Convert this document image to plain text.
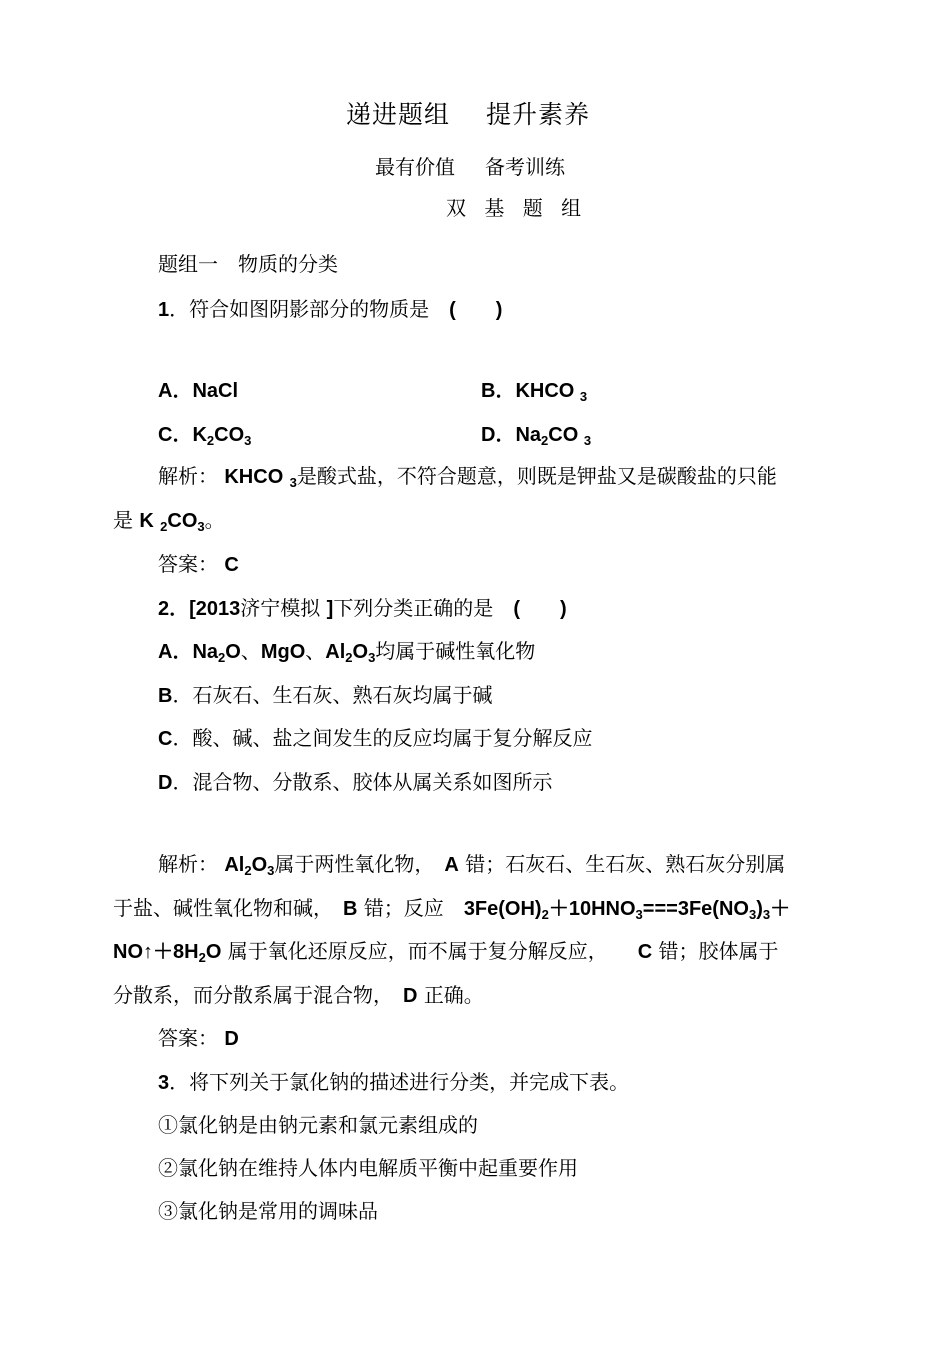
递进题组 提升素养
最有价值 备考训练
双 基 题 组
题组一　物质的分类
1．符合如图阴影部分的物质是　(　　)
A．NaCl	B．KHCO $_3$
C．$K_2CO_3$	D．$Na_2CO$ $_3$
解析： KHCO $_3$是酸式盐，不符合题意，则既是钾盐又是碳酸盐的只能
是 K $_2CO_3$。
答案： C
2．[2013济宁模拟 ]下列分类正确的是　(　　)
A．$Na_2O$、MgO、$Al_2O_3$均属于碱性氧化物
B．石灰石、生石灰、熟石灰均属于碱
C．酸、碱、盐之间发生的反应均属于复分解反应
D．混合物、分散系、胶体从属关系如图所示
解析： $Al_2O_3$属于两性氧化物，　 A 错；石灰石、生石灰、熟石灰分别属
于盐、碱性氧化物和碱，　 B 错；反应　 $3Fe(OH)_2+10HNO_3===3Fe(NO_3)_3+$
$NO↑+8H_2O$ 属于氧化还原反应，而不属于复分解反应，　　 C 错；胶体属于
分散系，而分散系属于混合物，　 D 正确。
答案： D
3．将下列关于氯化钠的描述进行分类，并完成下表。
①氯化钠是由钠元素和氯元素组成的
②氯化钠在维持人体内电解质平衡中起重要作用
③氯化钠是常用的调味品
